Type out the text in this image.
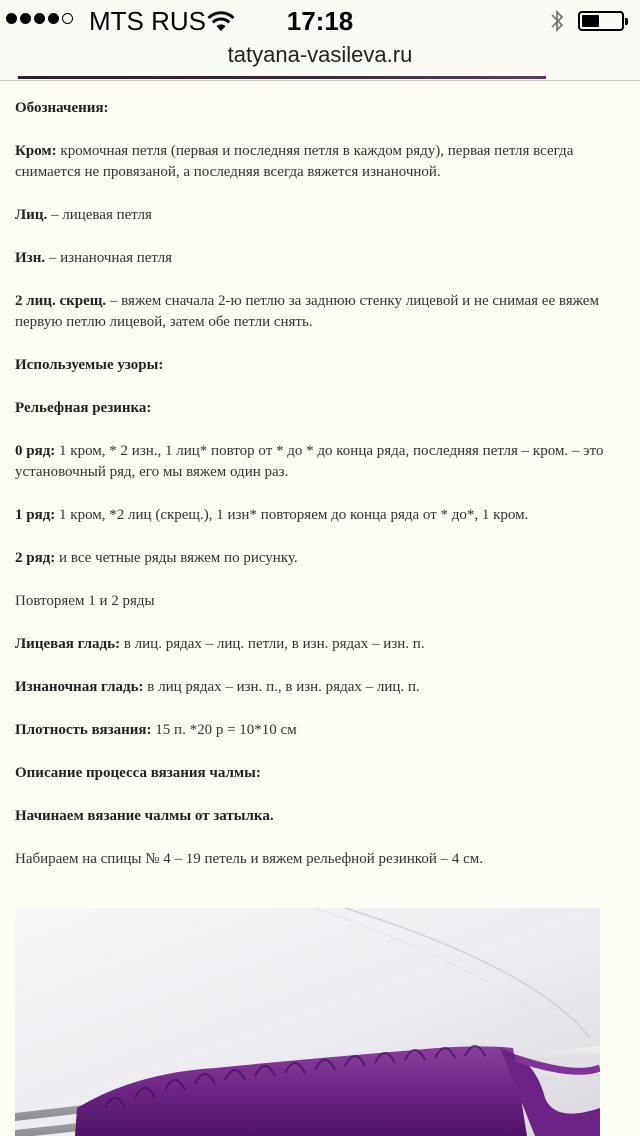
MTS RUS	17:18
tatyana-vasileva.ru

Обозначения:

Кром: кромочная петля (первая и последняя петля в каждом ряду), первая петля всегда снимается не провязаной, а последняя всегда вяжется изнаночной.

Лиц. – лицевая петля

Изн. – изнаночная петля

2 лиц. скрещ. – вяжем сначала 2-ю петлю за заднюю стенку лицевой и не снимая ее вяжем первую петлю лицевой, затем обе петли снять.

Используемые узоры:

Рельефная резинка:

0 ряд: 1 кром, * 2 изн., 1 лиц* повтор от * до * до конца ряда, последняя петля – кром. – это установочный ряд, его мы вяжем один раз.

1 ряд: 1 кром, *2 лиц (скрещ.), 1 изн* повторяем до конца ряда от * до*, 1 кром.

2 ряд: и все четные ряды вяжем по рисунку.

Повторяем 1 и 2 ряды

Лицевая гладь: в лиц. рядах – лиц. петли, в изн. рядах – изн. п.

Изнаночная гладь: в лиц рядах – изн. п., в изн. рядах – лиц. п.

Плотность вязания: 15 п. *20 р = 10*10 см

Описание процесса вязания чалмы:

Начинаем вязание чалмы от затылка.

Набираем на спицы № 4 – 19 петель и вяжем рельефной резинкой – 4 см.
